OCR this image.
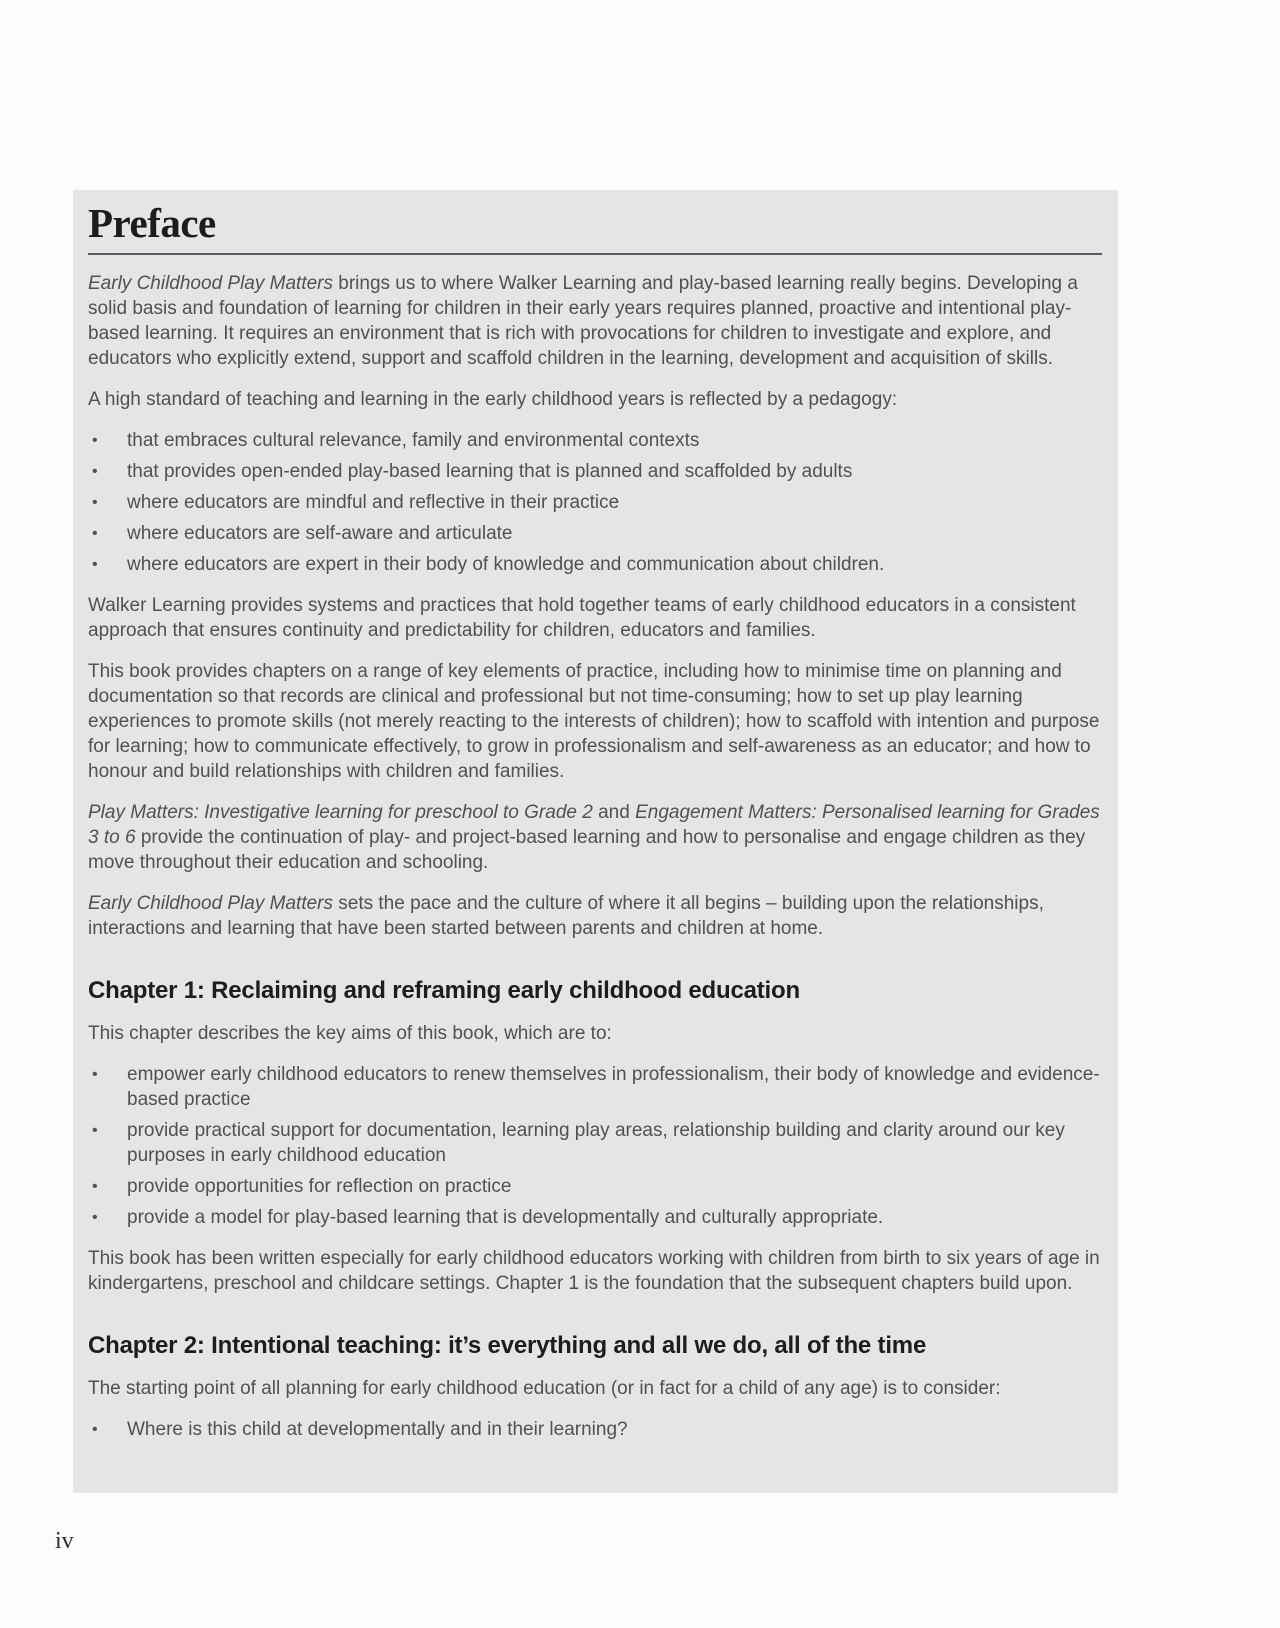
Preface

Early Childhood Play Matters brings us to where Walker Learning and play-based learning really begins. Developing a solid basis and foundation of learning for children in their early years requires planned, proactive and intentional play-based learning. It requires an environment that is rich with provocations for children to investigate and explore, and educators who explicitly extend, support and scaffold children in the learning, development and acquisition of skills.

A high standard of teaching and learning in the early childhood years is reflected by a pedagogy:

•	that embraces cultural relevance, family and environmental contexts
•	that provides open-ended play-based learning that is planned and scaffolded by adults
•	where educators are mindful and reflective in their practice
•	where educators are self-aware and articulate
•	where educators are expert in their body of knowledge and communication about children.

Walker Learning provides systems and practices that hold together teams of early childhood educators in a consistent approach that ensures continuity and predictability for children, educators and families.

This book provides chapters on a range of key elements of practice, including how to minimise time on planning and documentation so that records are clinical and professional but not time-consuming; how to set up play learning experiences to promote skills (not merely reacting to the interests of children); how to scaffold with intention and purpose for learning; how to communicate effectively, to grow in professionalism and self-awareness as an educator; and how to honour and build relationships with children and families.

Play Matters: Investigative learning for preschool to Grade 2 and Engagement Matters: Personalised learning for Grades 3 to 6 provide the continuation of play- and project-based learning and how to personalise and engage children as they move throughout their education and schooling.

Early Childhood Play Matters sets the pace and the culture of where it all begins – building upon the relationships, interactions and learning that have been started between parents and children at home.

Chapter 1: Reclaiming and reframing early childhood education

This chapter describes the key aims of this book, which are to:

•	empower early childhood educators to renew themselves in professionalism, their body of knowledge and evidence-based practice
•	provide practical support for documentation, learning play areas, relationship building and clarity around our key purposes in early childhood education
•	provide opportunities for reflection on practice
•	provide a model for play-based learning that is developmentally and culturally appropriate.

This book has been written especially for early childhood educators working with children from birth to six years of age in kindergartens, preschool and childcare settings. Chapter 1 is the foundation that the subsequent chapters build upon.

Chapter 2: Intentional teaching: it’s everything and all we do, all of the time

The starting point of all planning for early childhood education (or in fact for a child of any age) is to consider:

•	Where is this child at developmentally and in their learning?
iv
